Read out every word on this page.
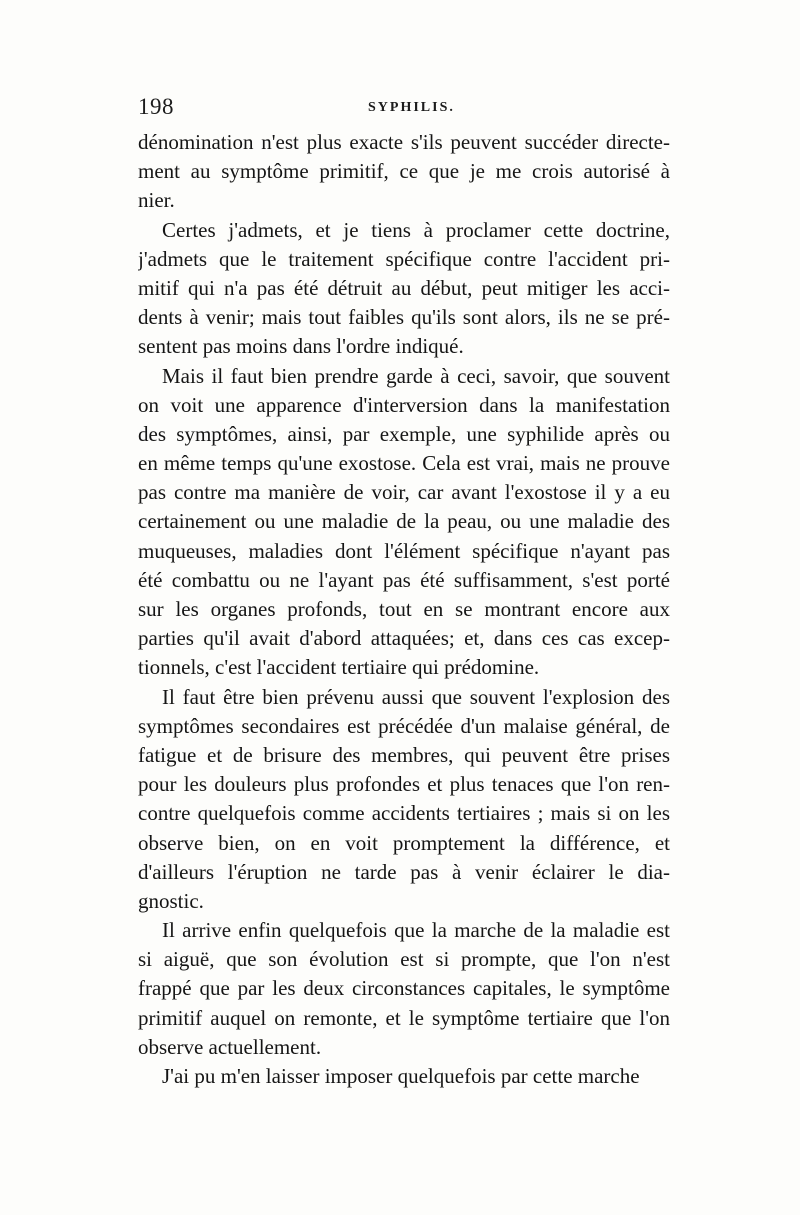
198	SYPHILIS.
dénomination n'est plus exacte s'ils peuvent succéder directe-
ment au symptôme primitif, ce que je me crois autorisé à
nier.
Certes j'admets, et je tiens à proclamer cette doctrine,
j'admets que le traitement spécifique contre l'accident pri-
mitif qui n'a pas été détruit au début, peut mitiger les acci-
dents à venir; mais tout faibles qu'ils sont alors, ils ne se pré-
sentent pas moins dans l'ordre indiqué.
Mais il faut bien prendre garde à ceci, savoir, que souvent
on voit une apparence d'interversion dans la manifestation
des symptômes, ainsi, par exemple, une syphilide après ou
en même temps qu'une exostose. Cela est vrai, mais ne prouve
pas contre ma manière de voir, car avant l'exostose il y a eu
certainement ou une maladie de la peau, ou une maladie des
muqueuses, maladies dont l'élément spécifique n'ayant pas
été combattu ou ne l'ayant pas été suffisamment, s'est porté
sur les organes profonds, tout en se montrant encore aux
parties qu'il avait d'abord attaquées; et, dans ces cas excep-
tionnels, c'est l'accident tertiaire qui prédomine.
Il faut être bien prévenu aussi que souvent l'explosion des
symptômes secondaires est précédée d'un malaise général, de
fatigue et de brisure des membres, qui peuvent être prises
pour les douleurs plus profondes et plus tenaces que l'on ren-
contre quelquefois comme accidents tertiaires ; mais si on les
observe bien, on en voit promptement la différence, et
d'ailleurs l'éruption ne tarde pas à venir éclairer le dia-
gnostic.
Il arrive enfin quelquefois que la marche de la maladie est
si aiguë, que son évolution est si prompte, que l'on n'est
frappé que par les deux circonstances capitales, le symptôme
primitif auquel on remonte, et le symptôme tertiaire que l'on
observe actuellement.
J'ai pu m'en laisser imposer quelquefois par cette marche
